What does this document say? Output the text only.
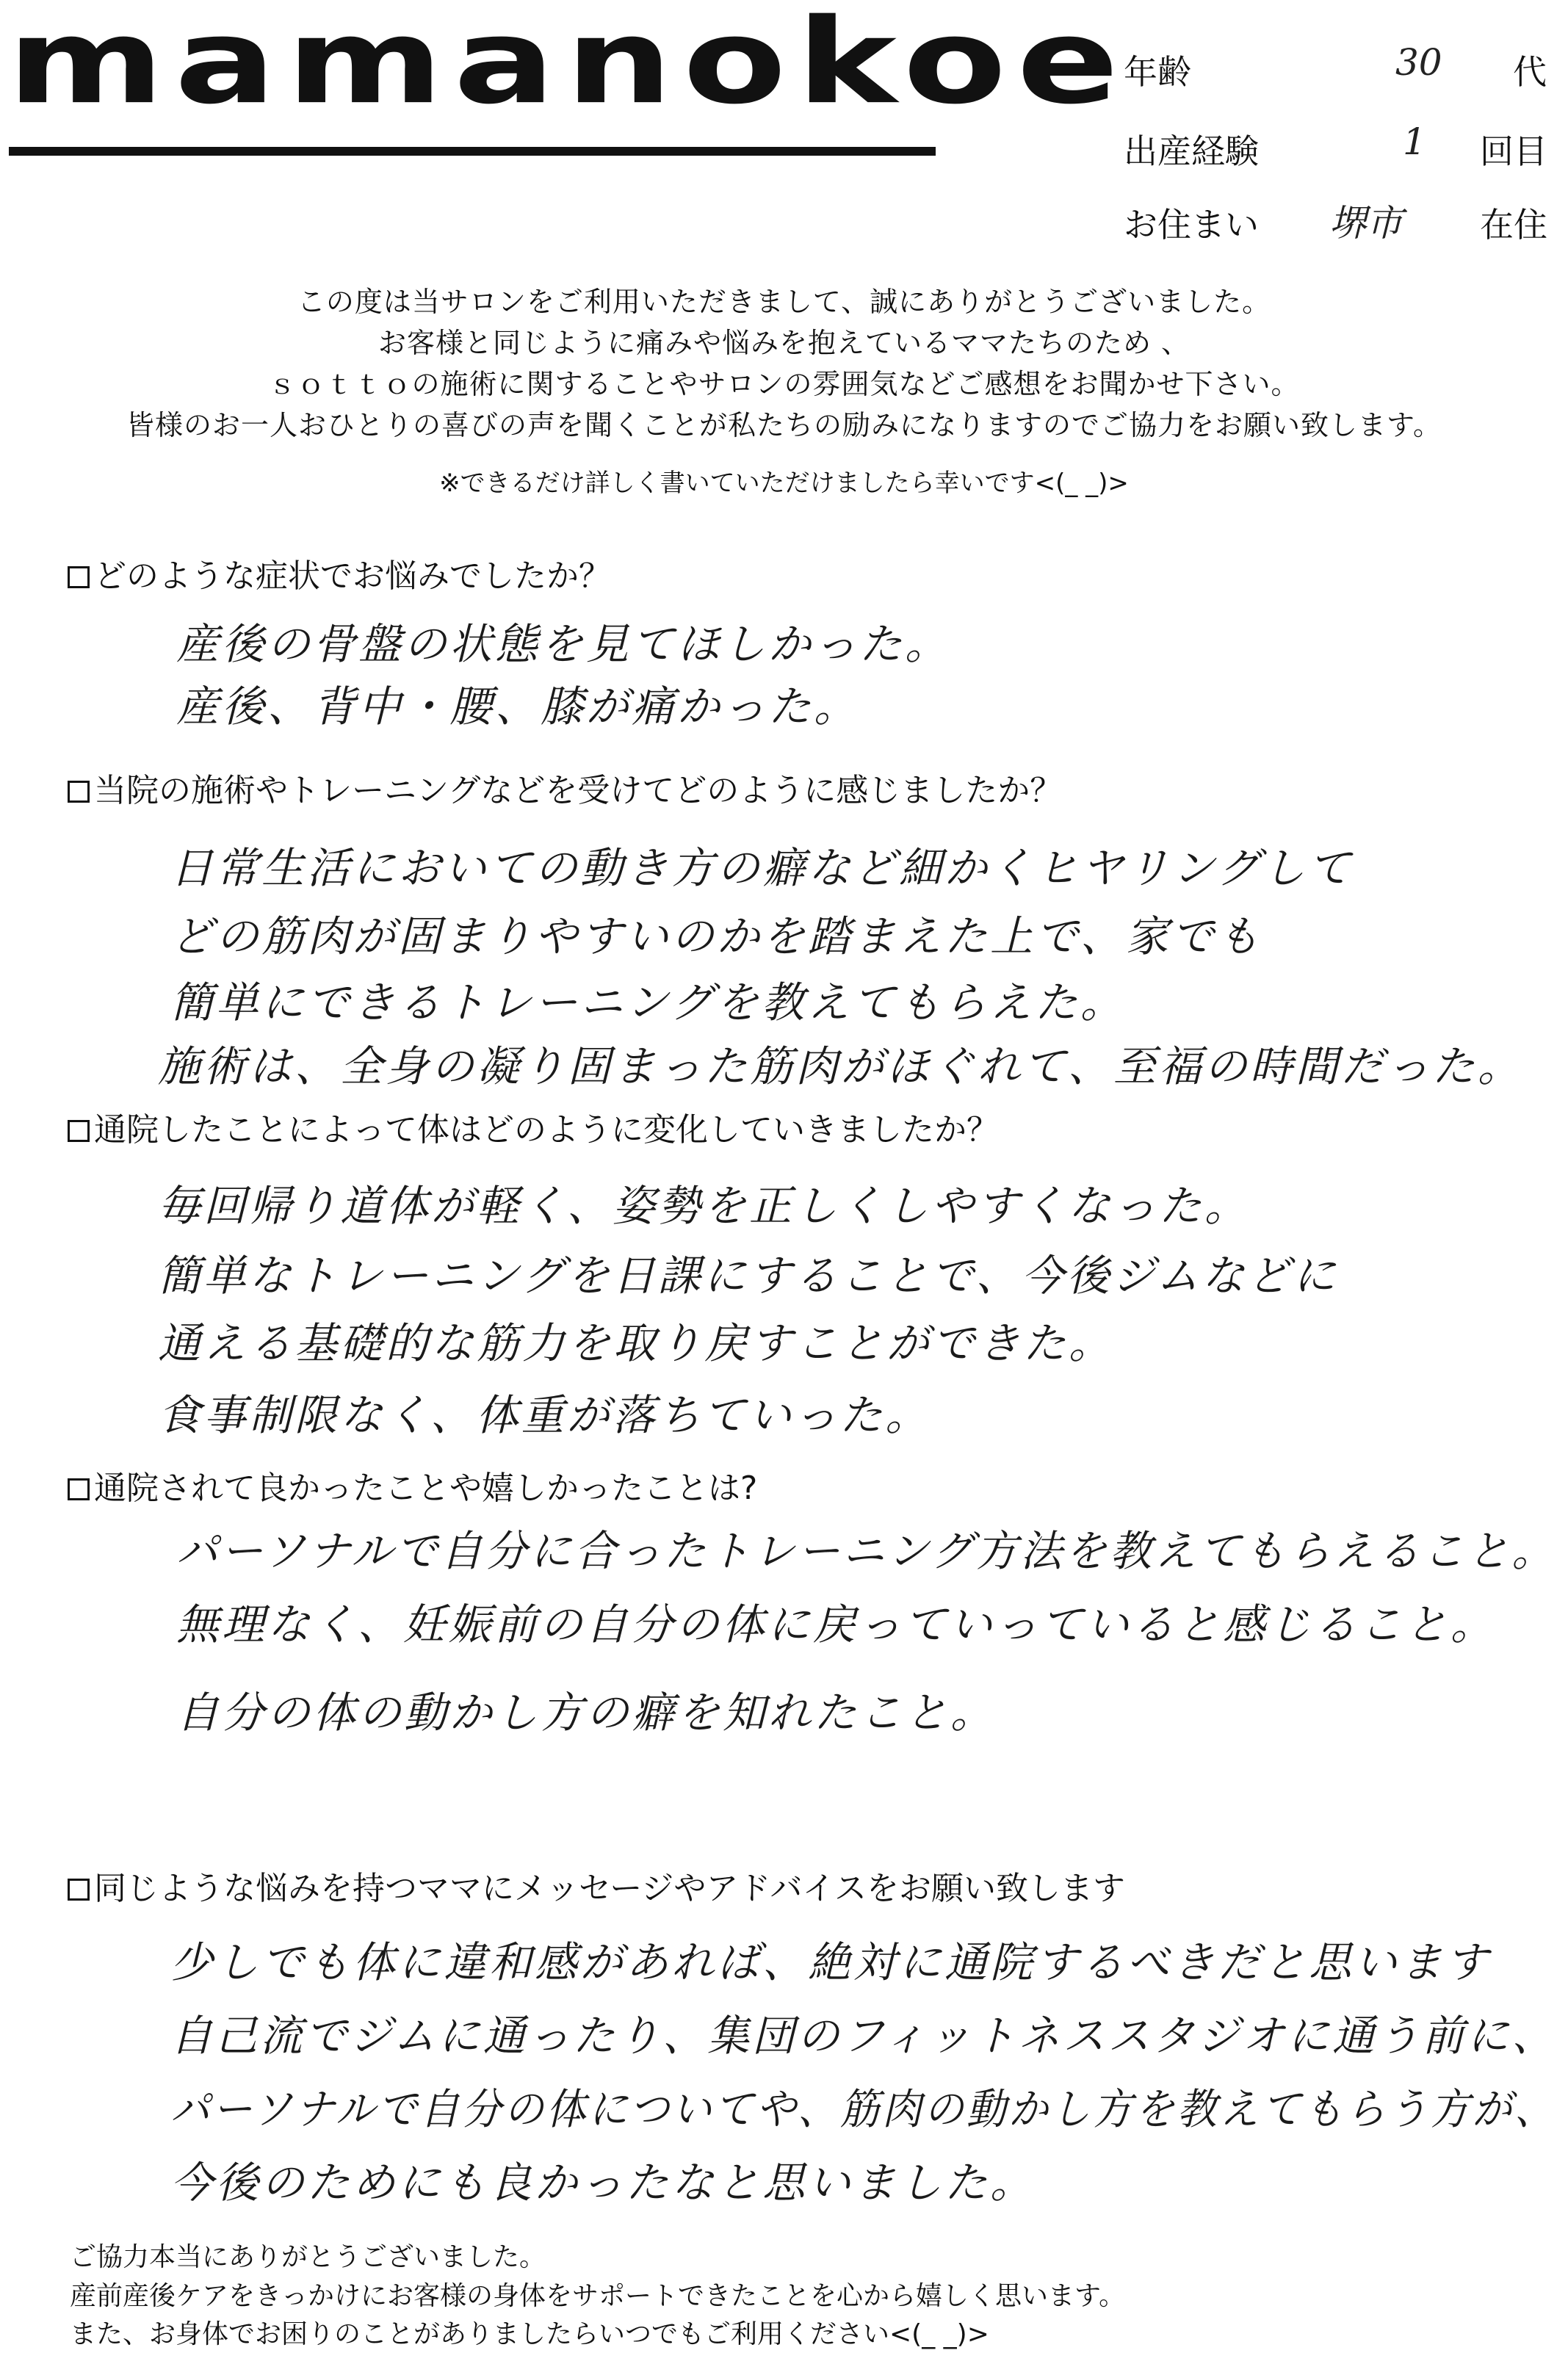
mamanokoe
年齢	30 代
出産経験	1 回目
お住まい 堺市 在住
この度は当サロンをご利用いただきまして、誠にありがとうございました。
お客様と同じように痛みや悩みを抱えているママたちのため 、
ｓｏｔｔｏの施術に関することやサロンの雰囲気などご感想をお聞かせ下さい。
皆様のお一人おひとりの喜びの声を聞くことが私たちの励みになりますのでご協力をお願い致します。
※できるだけ詳しく書いていただけましたら幸いです<(_ _)>
どのような症状でお悩みでしたか？
産後の骨盤の状態を見てほしかった。
産後、背中・腰、膝が痛かった。
当院の施術やトレーニングなどを受けてどのように感じましたか？
日常生活においての動き方の癖など細かくヒヤリングして
どの筋肉が固まりやすいのかを踏まえた上で、家でも
簡単にできるトレーニングを教えてもらえた。
施術は、全身の凝り固まった筋肉がほぐれて、至福の時間だった。
通院したことによって体はどのように変化していきましたか？
毎回帰り道体が軽く、姿勢を正しくしやすくなった。
簡単なトレーニングを日課にすることで、今後ジムなどに
通える基礎的な筋力を取り戻すことができた。
食事制限なく、体重が落ちていった。
通院されて良かったことや嬉しかったことは?
パーソナルで自分に合ったトレーニング方法を教えてもらえること。
無理なく、妊娠前の自分の体に戻っていっていると感じること。
自分の体の動かし方の癖を知れたこと。
同じような悩みを持つママにメッセージやアドバイスをお願い致します
少しでも体に違和感があれば、絶対に通院するべきだと思います
自己流でジムに通ったり、集団のフィットネススタジオに通う前に、
パーソナルで自分の体についてや、筋肉の動かし方を教えてもらう方が、
今後のためにも良かったなと思いました。
ご協力本当にありがとうございました。
産前産後ケアをきっかけにお客様の身体をサポートできたことを心から嬉しく思います。
また、お身体でお困りのことがありましたらいつでもご利用ください<(_ _)>
